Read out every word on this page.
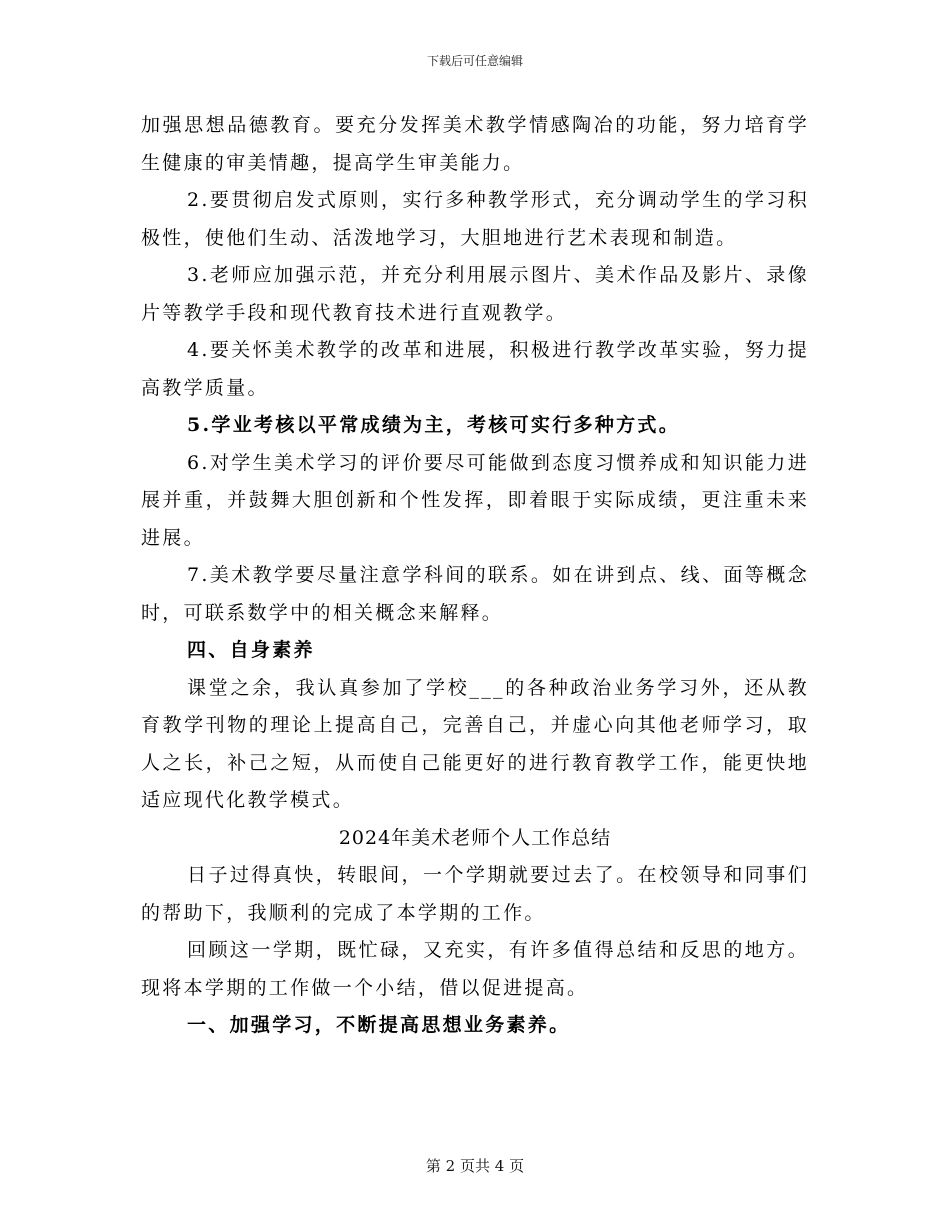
下载后可任意编辑

加强思想品德教育。要充分发挥美术教学情感陶冶的功能，努力培育学生健康的审美情趣，提高学生审美能力。

2.要贯彻启发式原则，实行多种教学形式，充分调动学生的学习积极性，使他们生动、活泼地学习，大胆地进行艺术表现和制造。

3.老师应加强示范，并充分利用展示图片、美术作品及影片、录像片等教学手段和现代教育技术进行直观教学。

4.要关怀美术教学的改革和进展，积极进行教学改革实验，努力提高教学质量。

5.学业考核以平常成绩为主，考核可实行多种方式。

6.对学生美术学习的评价要尽可能做到态度习惯养成和知识能力进展并重，并鼓舞大胆创新和个性发挥，即着眼于实际成绩，更注重未来进展。

7.美术教学要尽量注意学科间的联系。如在讲到点、线、面等概念时，可联系数学中的相关概念来解释。

四、自身素养

课堂之余，我认真参加了学校___的各种政治业务学习外，还从教育教学刊物的理论上提高自己，完善自己，并虚心向其他老师学习，取人之长，补己之短，从而使自己能更好的进行教育教学工作，能更快地适应现代化教学模式。

2024年美术老师个人工作总结

日子过得真快，转眼间，一个学期就要过去了。在校领导和同事们的帮助下，我顺利的完成了本学期的工作。

回顾这一学期，既忙碌，又充实，有许多值得总结和反思的地方。现将本学期的工作做一个小结，借以促进提高。

一、加强学习，不断提高思想业务素养。

第 2 页共 4 页
